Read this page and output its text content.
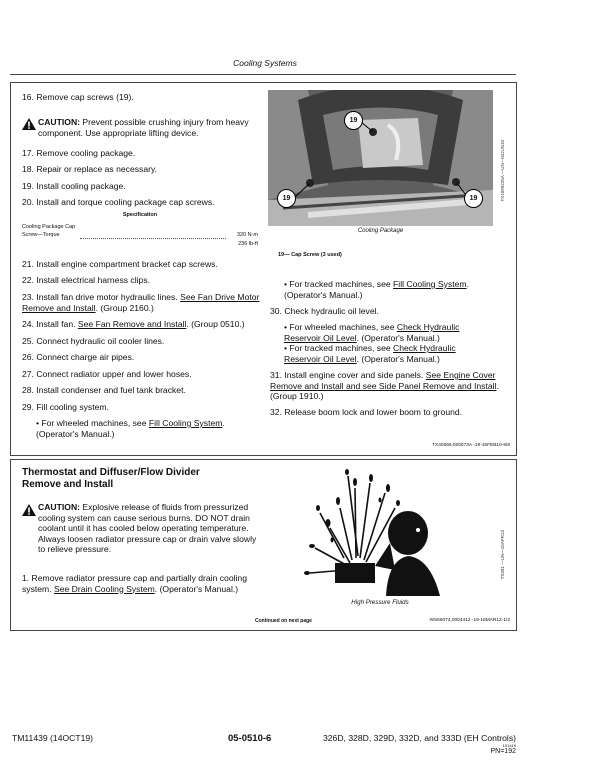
Cooling Systems
16. Remove cap screws (19).
CAUTION: Prevent possible crushing injury from heavy component. Use appropriate lifting device.
17. Remove cooling package.
18. Repair or replace as necessary.
19. Install cooling package.
20. Install and torque cooling package cap screws.
Specification
Cooling Package Cap
Screw—Torque	320 N·m
236 lb-ft
21. Install engine compartment bracket cap screws.
22. Install electrical harness clips.
23. Install fan drive motor hydraulic lines. See Fan Drive Motor Remove and Install. (Group 2160.)
24. Install fan. See Fan Remove and Install. (Group 0510.)
25. Connect hydraulic oil cooler lines.
26. Connect charge air pipes.
27. Connect radiator upper and lower hoses.
28. Install condenser and fuel tank bracket.
29. Fill cooling system.
• For wheeled machines, see Fill Cooling System. (Operator's Manual.)
19
19	19	TX1099225A —UN—04JUN10
Cooling Package
19— Cap Screw (3 used)
• For tracked machines, see Fill Cooling System. (Operator's Manual.)
30. Check hydraulic oil level.
• For wheeled machines, see Check Hydraulic Reservoir Oil Level. (Operator's Manual.)
• For tracked machines, see Check Hydraulic Reservoir Oil Level. (Operator's Manual.)
31. Install engine cover and side panels. See Engine Cover Remove and Install and see Side Panel Remove and Install. (Group 1910.)
32. Release boom lock and lower boom to ground.
TX40066,000073A -19-15FEB10-8/8
Thermostat and Diffuser/Flow Divider
Remove and Install
CAUTION: Explosive release of fluids from pressurized cooling system can cause serious burns. DO NOT drain coolant until it has cooled below operating temperature. Always loosen radiator pressure cap or drain valve slowly to relieve pressure.
1. Remove radiator pressure cap and partially drain cooling system. See Drain Cooling System. (Operator's Manual.)
High Pressure Fluids
TS281 —UN—15APR13
Continued on next page	WS66074,0004412 -19-18MAR12-1/2
TM11439 (14OCT19)	05-0510-6	326D, 328D, 329D, 332D, and 333D (EH Controls)
101419
PN=192
